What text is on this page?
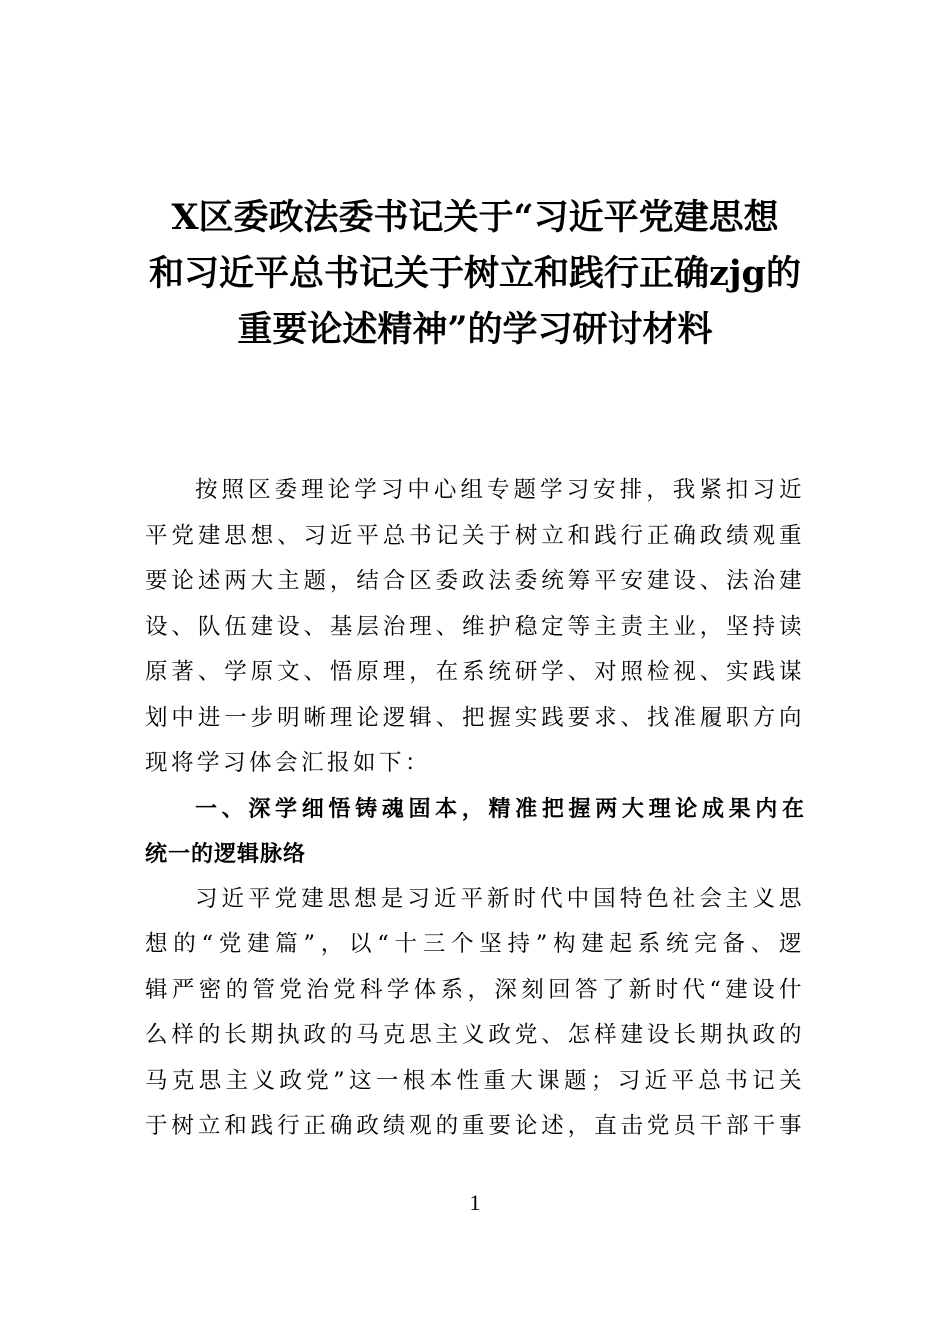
X区委政法委书记关于“习近平党建思想
和习近平总书记关于树立和践行正确zjg的
重要论述精神”的学习研讨材料

按照区委理论学习中心组专题学习安排，我紧扣习近
平党建思想、习近平总书记关于树立和践行正确政绩观重
要论述两大主题，结合区委政法委统筹平安建设、法治建
设、队伍建设、基层治理、维护稳定等主责主业，坚持读
原著、学原文、悟原理，在系统研学、对照检视、实践谋
划中进一步明晰理论逻辑、把握实践要求、找准履职方向
现将学习体会汇报如下：

一、深学细悟铸魂固本，精准把握两大理论成果内在
统一的逻辑脉络

习近平党建思想是习近平新时代中国特色社会主义思
想的“党建篇”，以“十三个坚持”构建起系统完备、逻
辑严密的管党治党科学体系，深刻回答了新时代“建设什
么样的长期执政的马克思主义政党、怎样建设长期执政的
马克思主义政党”这一根本性重大课题；习近平总书记关
于树立和践行正确政绩观的重要论述，直击党员干部干事

1
